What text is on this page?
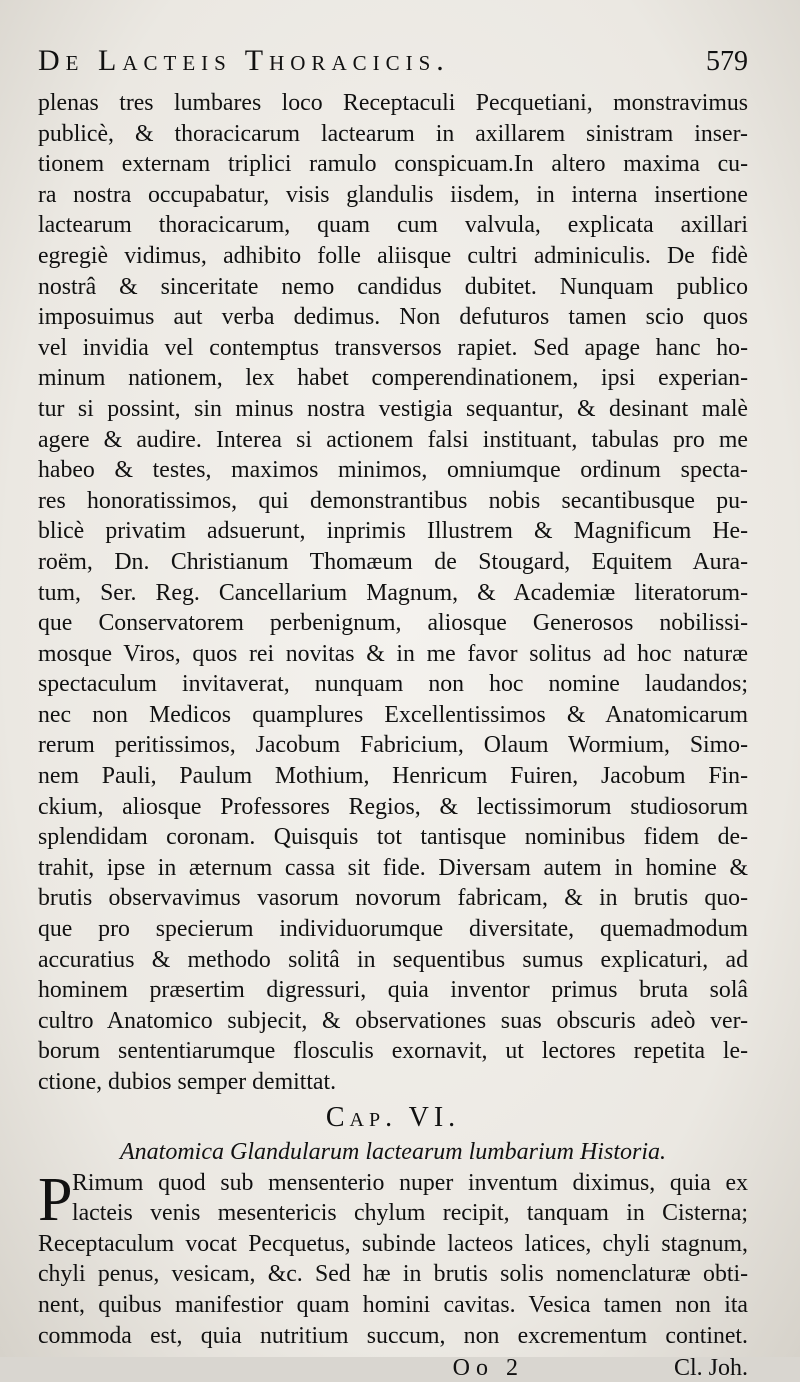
De Lacteis Thoracicis.	579
plenas tres lumbares loco Receptaculi Pecquetiani, monstravimus
publicè, & thoracicarum lactearum in axillarem sinistram inser-
tionem externam triplici ramulo conspicuam.In altero maxima cu-
ra nostra occupabatur, visis glandulis iisdem, in interna insertione
lactearum thoracicarum, quam cum valvula, explicata axillari
egregiè vidimus, adhibito folle aliisque cultri adminiculis. De fidè
nostrâ & sinceritate nemo candidus dubitet. Nunquam publico
imposuimus aut verba dedimus. Non defuturos tamen scio quos
vel invidia vel contemptus transversos rapiet. Sed apage hanc ho-
minum nationem, lex habet comperendinationem, ipsi experian-
tur si possint, sin minus nostra vestigia sequantur, & desinant malè
agere & audire. Interea si actionem falsi instituant, tabulas pro me
habeo & testes, maximos minimos, omniumque ordinum specta-
res honoratissimos, qui demonstrantibus nobis secantibusque pu-
blicè privatim adsuerunt, inprimis Illustrem & Magnificum He-
roëm, Dn. Christianum Thomæum de Stougard, Equitem Aura-
tum, Ser. Reg. Cancellarium Magnum, & Academiæ literatorum-
que Conservatorem perbenignum, aliosque Generosos nobilissi-
mosque Viros, quos rei novitas & in me favor solitus ad hoc naturæ
spectaculum invitaverat, nunquam non hoc nomine laudandos;
nec non Medicos quamplures Excellentissimos & Anatomicarum
rerum peritissimos, Jacobum Fabricium, Olaum Wormium, Simo-
nem Pauli, Paulum Mothium, Henricum Fuiren, Jacobum Fin-
ckium, aliosque Professores Regios, & lectissimorum studiosorum
splendidam coronam. Quisquis tot tantisque nominibus fidem de-
trahit, ipse in æternum cassa sit fide. Diversam autem in homine &
brutis observavimus vasorum novorum fabricam, & in brutis quo-
que pro specierum individuorumque diversitate, quemadmodum
accuratius & methodo solitâ in sequentibus sumus explicaturi, ad
hominem præsertim digressuri, quia inventor primus bruta solâ
cultro Anatomico subjecit, & observationes suas obscuris adeò ver-
borum sententiarumque flosculis exornavit, ut lectores repetita le-
ctione, dubios semper demittat.
Cap. VI.
Anatomica Glandularum lactearum lumbarium Historia.
P Rimum quod sub mensenterio nuper inventum diximus, quia ex
lacteis venis mesentericis chylum recipit, tanquam in Cisterna;
Receptaculum vocat Pecquetus, subinde lacteos latices, chyli stagnum,
chyli penus, vesicam, &c. Sed hæ in brutis solis nomenclaturæ obti-
nent, quibus manifestior quam homini cavitas. Vesica tamen non ita
commoda est, quia nutritium succum, non excrementum continet.
Oo 2	Cl. Joh.
